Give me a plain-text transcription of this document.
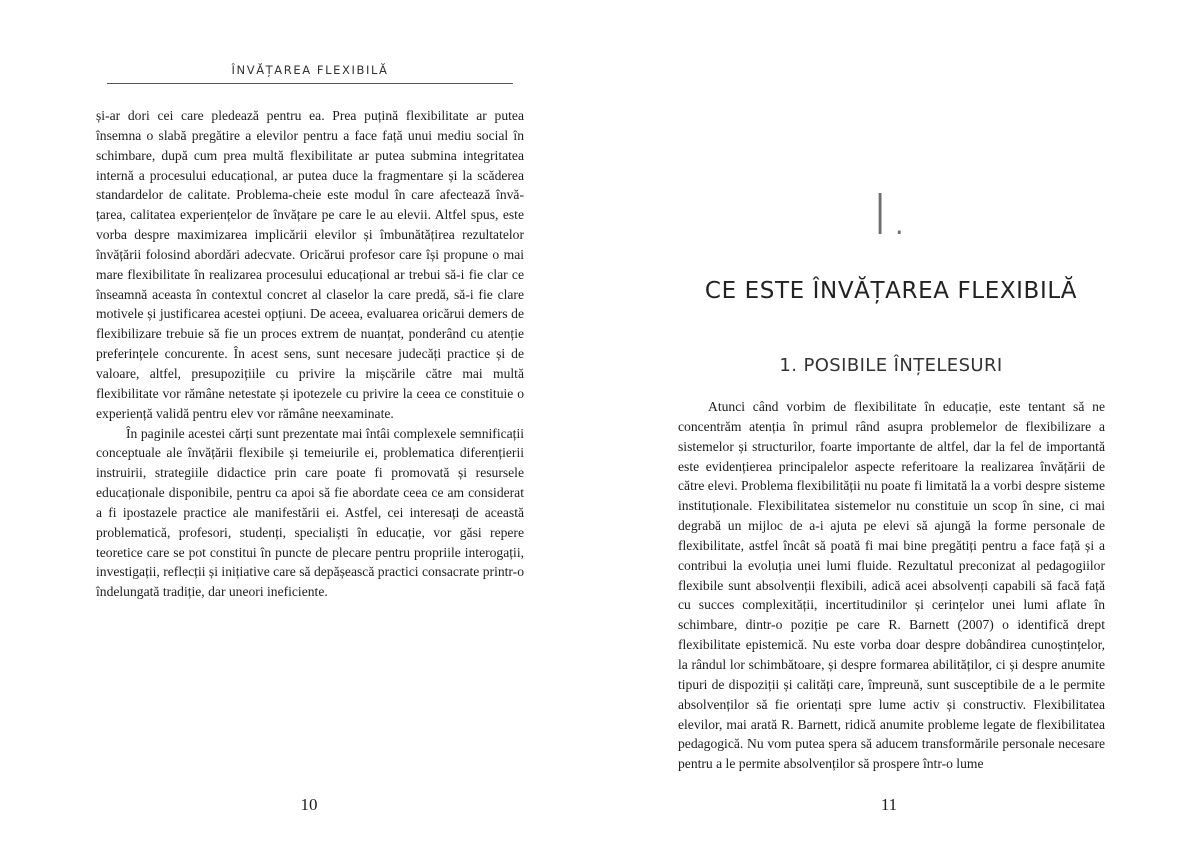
ÎNVĂȚAREA FLEXIBILĂ

și-ar dori cei care pledează pentru ea. Prea puțină flexibilitate ar putea însemna o slabă pregătire a elevilor pentru a face față unui mediu social în schimbare, după cum prea multă flexibilitate ar putea submina integritatea internă a procesului educațional, ar putea duce la fragmentare și la scăderea standardelor de calitate. Problema-cheie este modul în care afectează învă-țarea, calitatea experiențelor de învățare pe care le au elevii. Altfel spus, este vorba despre maximizarea implicării elevilor și îmbunătățirea rezultatelor învățării folosind abordări adecvate. Oricărui profesor care își propune o mai mare flexibilitate în realizarea procesului educațional ar trebui să-i fie clar ce înseamnă aceasta în contextul concret al claselor la care predă, să-i fie clare motivele și justificarea acestei opțiuni. De aceea, evaluarea oricărui demers de flexibilizare trebuie să fie un proces extrem de nuanțat, ponderând cu atenție preferințele concurente. În acest sens, sunt necesare judecăți practice și de valoare, altfel, presupozițiile cu privire la mișcările către mai multă flexibilitate vor rămâne netestate și ipotezele cu privire la ceea ce constituie o experiență validă pentru elev vor rămâne neexaminate.

În paginile acestei cărți sunt prezentate mai întâi complexele semnificații conceptuale ale învățării flexibile și temeiurile ei, problematica diferențierii instruirii, strategiile didactice prin care poate fi promovată și resursele educaționale disponibile, pentru ca apoi să fie abordate ceea ce am considerat a fi ipostazele practice ale manifestării ei. Astfel, cei interesați de această problematică, profesori, studenți, specialiști în educație, vor găsi repere teoretice care se pot constitui în puncte de plecare pentru propriile interogații, investigații, reflecții și inițiative care să depășească practici consacrate printr-o îndelungată tradiție, dar uneori ineficiente.

10
I.
CE ESTE ÎNVĂȚAREA FLEXIBILĂ
1. POSIBILE ÎNȚELESURI

Atunci când vorbim de flexibilitate în educație, este tentant să ne concentrăm atenția în primul rând asupra problemelor de flexibilizare a sistemelor și structurilor, foarte importante de altfel, dar la fel de importantă este evidențierea principalelor aspecte referitoare la realizarea învățării de către elevi. Problema flexibilității nu poate fi limitată la a vorbi despre sisteme instituționale. Flexibilitatea sistemelor nu constituie un scop în sine, ci mai degrabă un mijloc de a-i ajuta pe elevi să ajungă la forme personale de flexibilitate, astfel încât să poată fi mai bine pregătiți pentru a face față și a contribui la evoluția unei lumi fluide. Rezultatul preconizat al pedagogiilor flexibile sunt absolvenții flexibili, adică acei absolvenți capabili să facă față cu succes complexității, incertitudinilor și cerințelor unei lumi aflate în schimbare, dintr-o poziție pe care R. Barnett (2007) o identifică drept flexibilitate epistemică. Nu este vorba doar despre dobândirea cunoștințelor, la rândul lor schimbătoare, și despre formarea abilităților, ci și despre anumite tipuri de dispoziții și calități care, împreună, sunt susceptibile de a le permite absolvenților să fie orientați spre lume activ și constructiv. Flexibilitatea elevilor, mai arată R. Barnett, ridică anumite probleme legate de flexibilitatea pedagogică. Nu vom putea spera să aducem transformările personale necesare pentru a le permite absolvenților să prospere într-o lume

11
